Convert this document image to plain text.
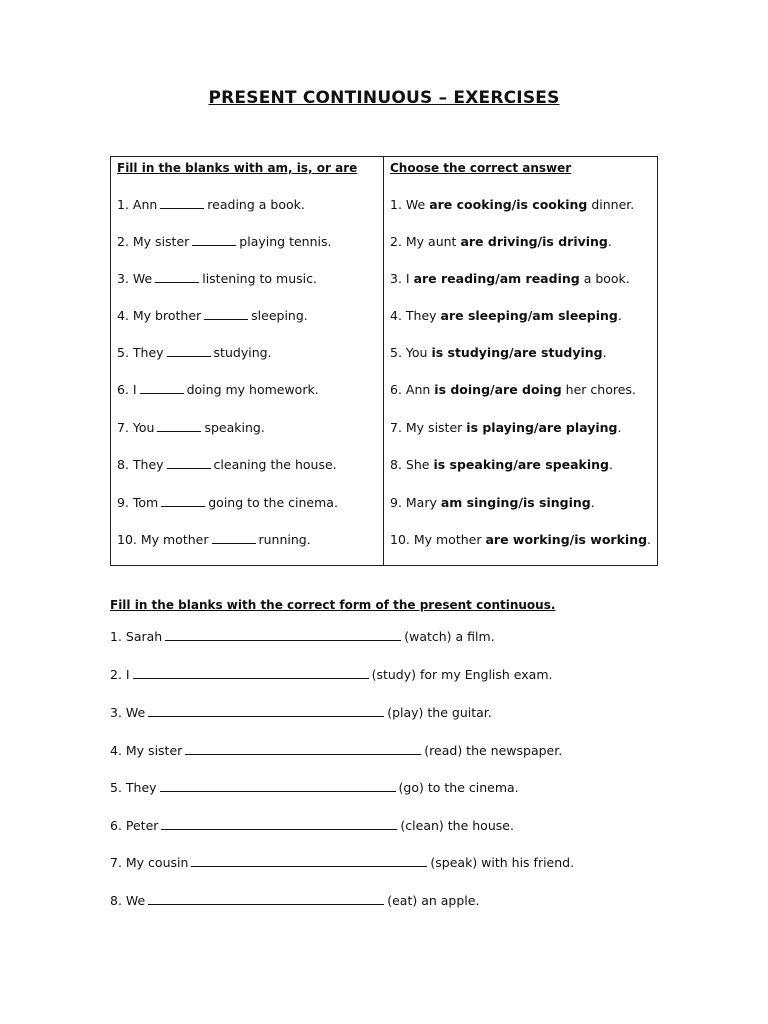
PRESENT CONTINUOUS – EXERCISES
Fill in the blanks with am, is, or are
1. Ann	reading a book.
2. My sister	playing tennis.
3. We	listening to music.
4. My brother	sleeping.
5. They	studying.
6. I	doing my homework.
7. You	speaking.
8. They	cleaning the house.
9. Tom	going to the cinema.
10. My mother	running.
Choose the correct answer
1. We are cooking/is cooking dinner.
2. My aunt are driving/is driving.
3. I are reading/am reading a book.
4. They are sleeping/am sleeping.
5. You is studying/are studying.
6. Ann is doing/are doing her chores.
7. My sister is playing/are playing.
8. She is speaking/are speaking.
9. Mary am singing/is singing.
10. My mother are working/is working.
Fill in the blanks with the correct form of the present continuous.
1. Sarah	(watch) a film.
2. I	(study) for my English exam.
3. We	(play) the guitar.
4. My sister	(read) the newspaper.
5. They	(go) to the cinema.
6. Peter	(clean) the house.
7. My cousin	(speak) with his friend.
8. We	(eat) an apple.
